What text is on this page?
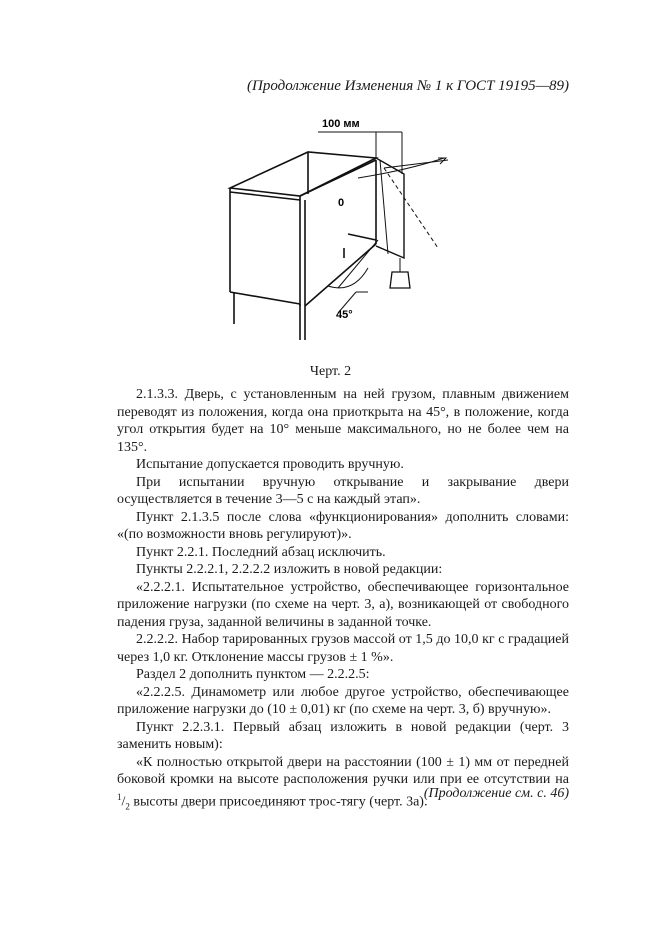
(Продолжение Изменения № 1 к ГОСТ 19195—89)
100 мм
0
45°
Черт. 2

2.1.3.3. Дверь, с установленным на ней грузом, плавным движением переводят из положения, когда она приоткрыта на 45°, в положение, когда угол открытия будет на 10° меньше максимального, но не более чем на 135°.

Испытание допускается проводить вручную.

При испытании вручную открывание и закрывание двери осуществляется в течение 3—5 с на каждый этап».

Пункт 2.1.3.5 после слова «функционирования» дополнить словами: «(по возможности вновь регулируют)».

Пункт 2.2.1. Последний абзац исключить.

Пункты 2.2.2.1, 2.2.2.2 изложить в новой редакции:

«2.2.2.1. Испытательное устройство, обеспечивающее горизонтальное приложение нагрузки (по схеме на черт. 3, а), возникающей от свободного падения груза, заданной величины в заданной точке.

2.2.2.2. Набор тарированных грузов массой от 1,5 до 10,0 кг с градацией через 1,0 кг. Отклонение массы грузов ± 1 %».

Раздел 2 дополнить пунктом — 2.2.2.5:

«2.2.2.5. Динамометр или любое другое устройство, обеспечивающее приложение нагрузки до (10 ± 0,01) кг (по схеме на черт. 3, б) вручную».

Пункт 2.2.3.1. Первый абзац изложить в новой редакции (черт. 3 заменить новым):

«К полностью открытой двери на расстоянии (100 ± 1) мм от передней боковой кромки на высоте расположения ручки или при ее отсутствии на $^1/_2$ высоты двери присоединяют трос-тягу (черт. 3а).

(Продолжение см. с. 46)
